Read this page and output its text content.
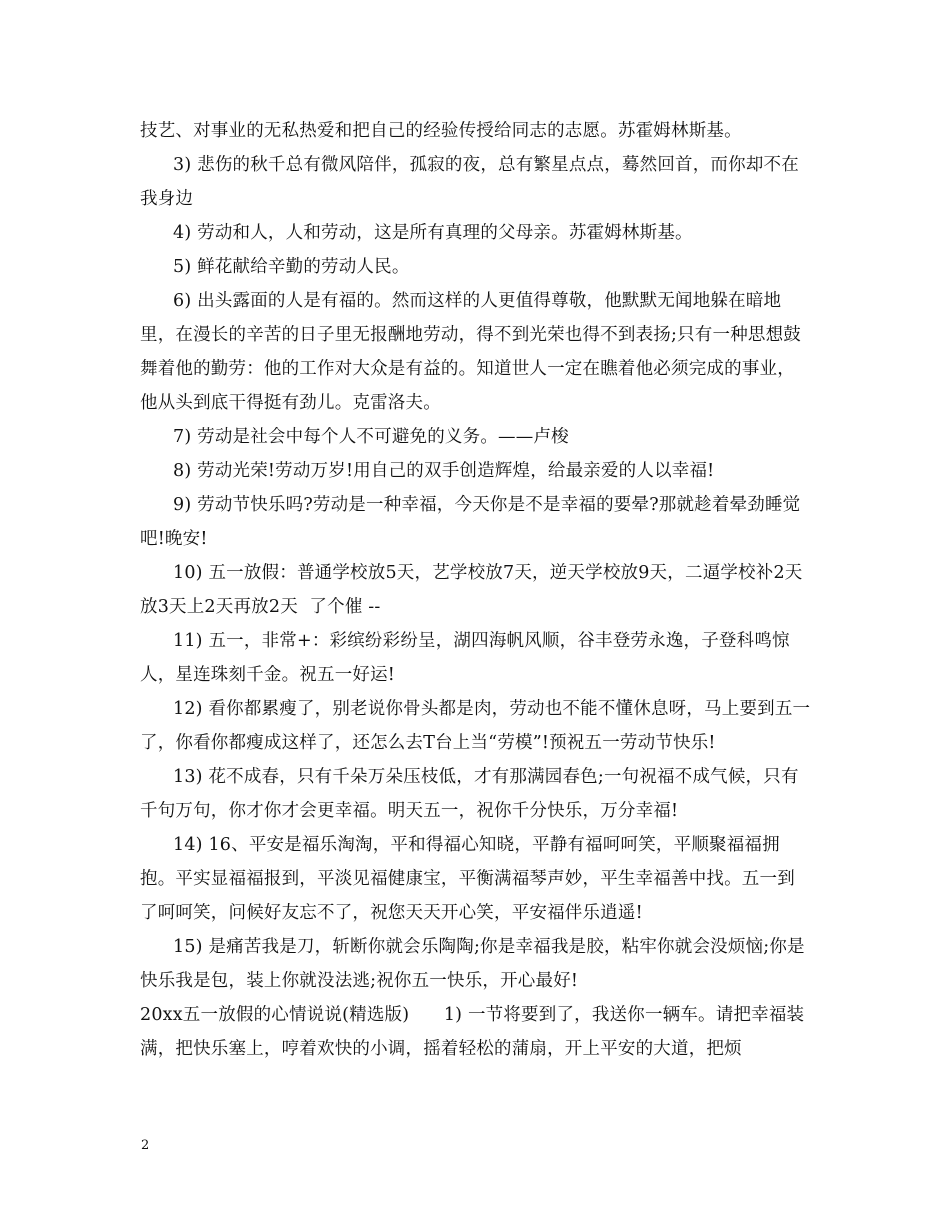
技艺、对事业的无私热爱和把自己的经验传授给同志的志愿。苏霍姆林斯基。

3) 悲伤的秋千总有微风陪伴，孤寂的夜，总有繁星点点，蓦然回首，而你却不在我身边

4) 劳动和人，人和劳动，这是所有真理的父母亲。苏霍姆林斯基。

5) 鲜花献给辛勤的劳动人民。

6) 出头露面的人是有福的。然而这样的人更值得尊敬，他默默无闻地躲在暗地里，在漫长的辛苦的日子里无报酬地劳动，得不到光荣也得不到表扬;只有一种思想鼓舞着他的勤劳：他的工作对大众是有益的。知道世人一定在瞧着他必须完成的事业，他从头到底干得挺有劲儿。克雷洛夫。

7) 劳动是社会中每个人不可避免的义务。——卢梭

8) 劳动光荣!劳动万岁!用自己的双手创造辉煌，给最亲爱的人以幸福!

9) 劳动节快乐吗?劳动是一种幸福，今天你是不是幸福的要晕?那就趁着晕劲睡觉吧!晚安!

10) 五一放假：普通学校放5天，艺学校放7天，逆天学校放9天，二逼学校补2天放3天上2天再放2天  了个催 --

11) 五一，非常+：彩缤纷彩纷呈，湖四海帆风顺，谷丰登劳永逸，子登科鸣惊人，星连珠刻千金。祝五一好运!

12) 看你都累瘦了，别老说你骨头都是肉，劳动也不能不懂休息呀，马上要到五一了，你看你都瘦成这样了，还怎么去T台上当“劳模”!预祝五一劳动节快乐!

13) 花不成春，只有千朵万朵压枝低，才有那满园春色;一句祝福不成气候，只有千句万句，你才你才会更幸福。明天五一，祝你千分快乐，万分幸福!

14) 16、平安是福乐淘淘，平和得福心知晓，平静有福呵呵笑，平顺聚福福拥抱。平实显福福报到，平淡见福健康宝，平衡满福琴声妙，平生幸福善中找。五一到了呵呵笑，问候好友忘不了，祝您天天开心笑，平安福伴乐逍遥!

15) 是痛苦我是刀，斩断你就会乐陶陶;你是幸福我是胶，粘牢你就会没烦恼;你是快乐我是包，装上你就没法逃;祝你五一快乐，开心最好!

20xx五一放假的心情说说(精选版)      1) 一节将要到了，我送你一辆车。请把幸福装满，把快乐塞上，哼着欢快的小调，摇着轻松的蒲扇，开上平安的大道，把烦

2
